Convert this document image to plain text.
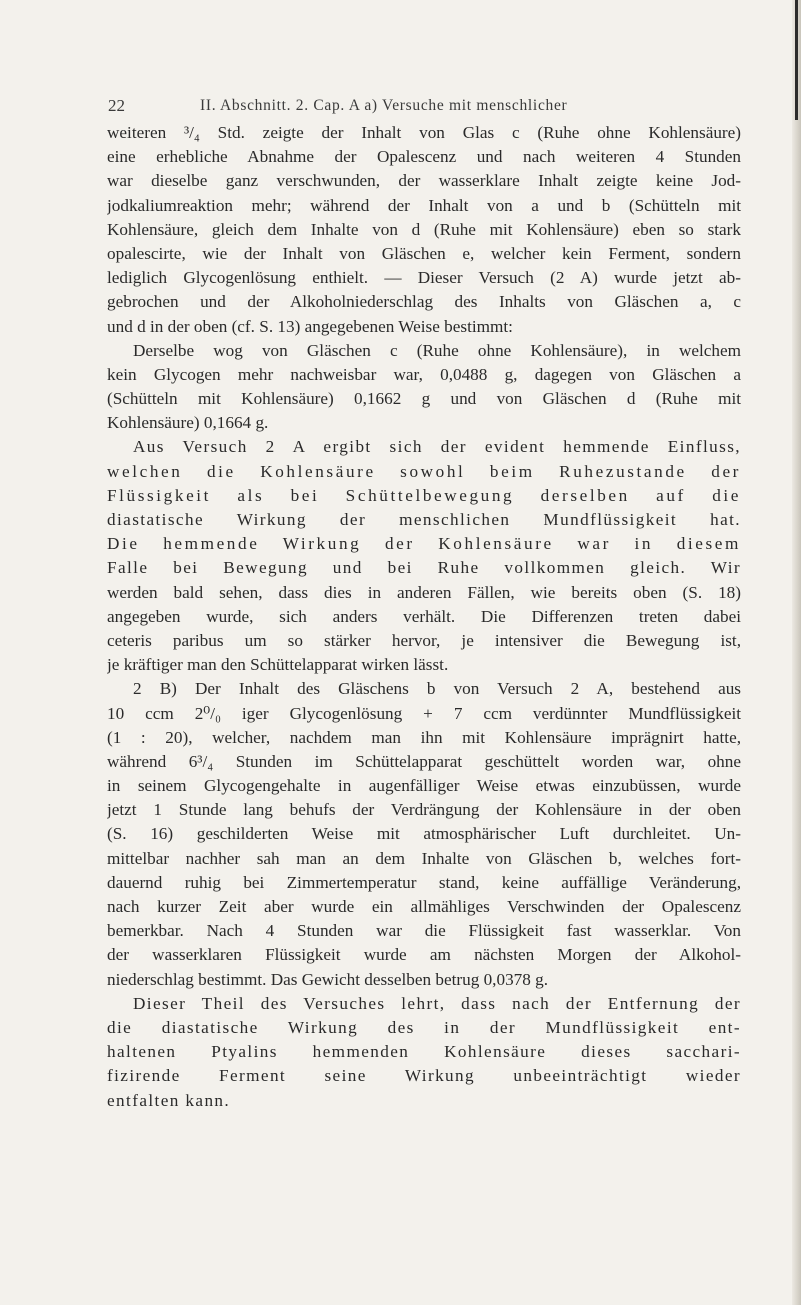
22	II. Abschnitt. 2. Cap. A a) Versuche mit menschlicher
weiteren ³/₄ Std. zeigte der Inhalt von Glas c (Ruhe ohne Kohlensäure)
eine erhebliche Abnahme der Opalescenz und nach weiteren 4 Stunden
war dieselbe ganz verschwunden, der wasserklare Inhalt zeigte keine Jod-
jodkaliumreaktion mehr; während der Inhalt von a und b (Schütteln mit
Kohlensäure, gleich dem Inhalte von d (Ruhe mit Kohlensäure) eben so stark
opalescirte, wie der Inhalt von Gläschen e, welcher kein Ferment, sondern
lediglich Glycogenlösung enthielt. — Dieser Versuch (2 A) wurde jetzt ab-
gebrochen und der Alkoholniederschlag des Inhalts von Gläschen a, c
und d in der oben (cf. S. 13) angegebenen Weise bestimmt:
Derselbe wog von Gläschen c (Ruhe ohne Kohlensäure), in welchem
kein Glycogen mehr nachweisbar war, 0,0488 g, dagegen von Gläschen a
(Schütteln mit Kohlensäure) 0,1662 g und von Gläschen d (Ruhe mit
Kohlensäure) 0,1664 g.
Aus Versuch 2 A ergibt sich der evident hemmende Einfluss,
welchen die Kohlensäure sowohl beim Ruhezustande der
Flüssigkeit als bei Schüttelbewegung derselben auf die
diastatische Wirkung der menschlichen Mundflüssigkeit hat.
Die hemmende Wirkung der Kohlensäure war in diesem
Falle bei Bewegung und bei Ruhe vollkommen gleich. Wir
werden bald sehen, dass dies in anderen Fällen, wie bereits oben (S. 18)
angegeben wurde, sich anders verhält. Die Differenzen treten dabei
ceteris paribus um so stärker hervor, je intensiver die Bewegung ist,
je kräftiger man den Schüttelapparat wirken lässt.
2 B) Der Inhalt des Gläschens b von Versuch 2 A, bestehend aus
10 ccm 2⁰/₀ iger Glycogenlösung + 7 ccm verdünnter Mundflüssigkeit
(1 : 20), welcher, nachdem man ihn mit Kohlensäure imprägnirt hatte,
während 6³/₄ Stunden im Schüttelapparat geschüttelt worden war, ohne
in seinem Glycogengehalte in augenfälliger Weise etwas einzubüssen, wurde
jetzt 1 Stunde lang behufs der Verdrängung der Kohlensäure in der oben
(S. 16) geschilderten Weise mit atmosphärischer Luft durchleitet. Un-
mittelbar nachher sah man an dem Inhalte von Gläschen b, welches fort-
dauernd ruhig bei Zimmertemperatur stand, keine auffällige Veränderung,
nach kurzer Zeit aber wurde ein allmähliges Verschwinden der Opalescenz
bemerkbar. Nach 4 Stunden war die Flüssigkeit fast wasserklar. Von
der wasserklaren Flüssigkeit wurde am nächsten Morgen der Alkohol-
niederschlag bestimmt. Das Gewicht desselben betrug 0,0378 g.
Dieser Theil des Versuches lehrt, dass nach der Entfernung der
die diastatische Wirkung des in der Mundflüssigkeit ent-
haltenen Ptyalins hemmenden Kohlensäure dieses sacchari-
fizirende Ferment seine Wirkung unbeeinträchtigt wieder
entfalten kann.
